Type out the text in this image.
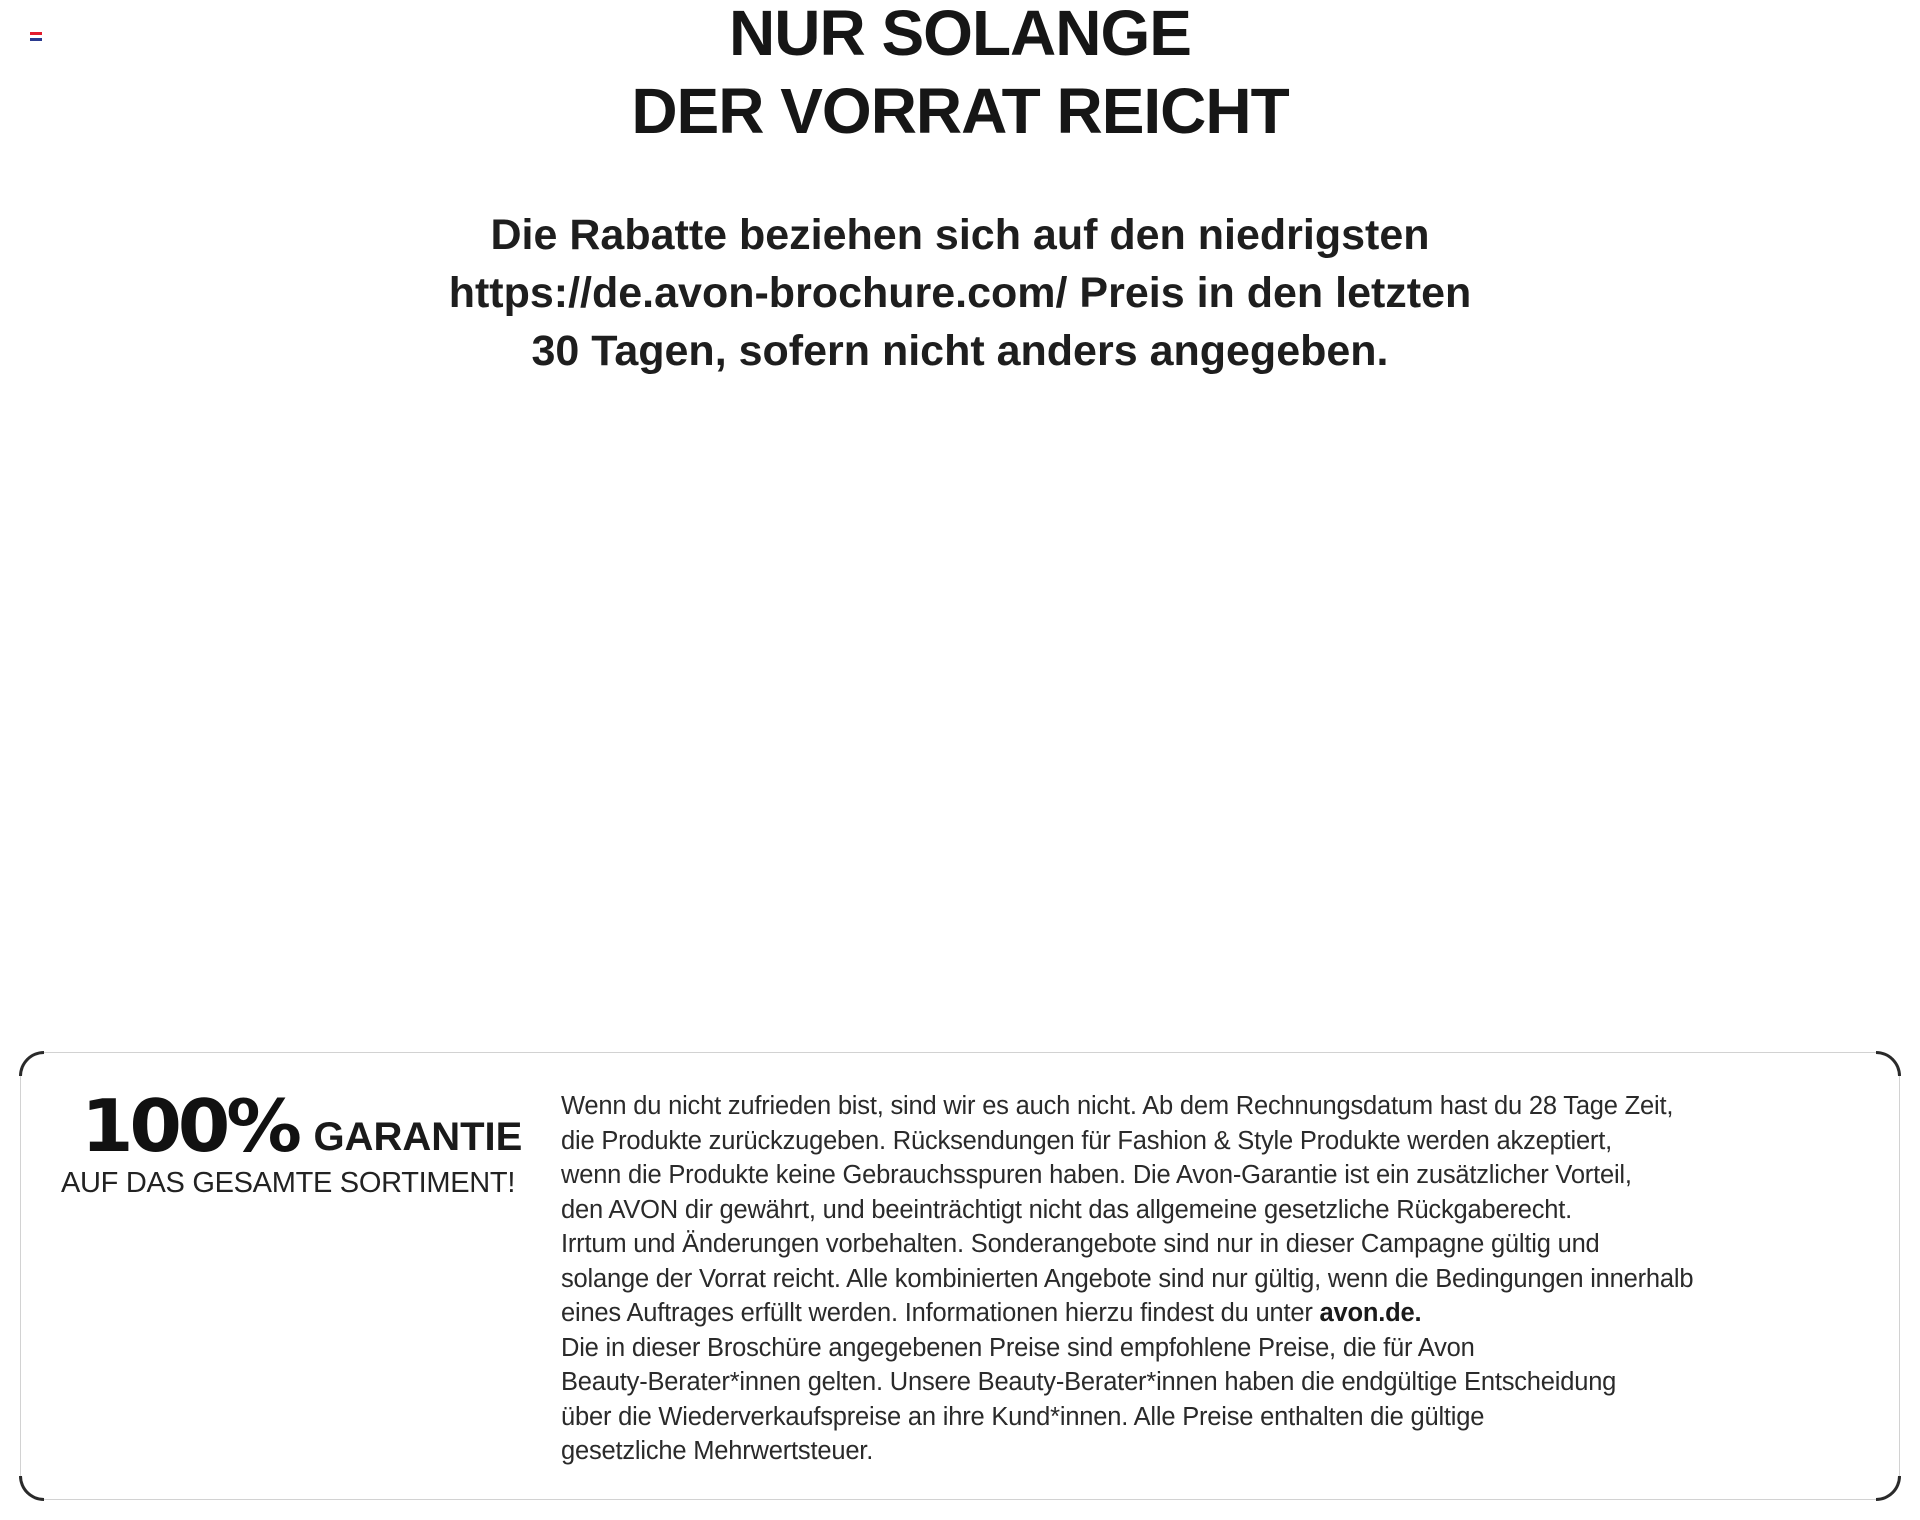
NUR SOLANGE
DER VORRAT REICHT
Die Rabatte beziehen sich auf den niedrigsten
https://de.avon-brochure.com/ Preis in den letzten
30 Tagen, sofern nicht anders angegeben.
100% GARANTIE
AUF DAS GESAMTE SORTIMENT!
Wenn du nicht zufrieden bist, sind wir es auch nicht. Ab dem Rechnungsdatum hast du 28 Tage Zeit,
die Produkte zurückzugeben. Rücksendungen für Fashion & Style Produkte werden akzeptiert,
wenn die Produkte keine Gebrauchsspuren haben. Die Avon-Garantie ist ein zusätzlicher Vorteil,
den AVON dir gewährt, und beeinträchtigt nicht das allgemeine gesetzliche Rückgaberecht.
Irrtum und Änderungen vorbehalten. Sonderangebote sind nur in dieser Campagne gültig und
solange der Vorrat reicht. Alle kombinierten Angebote sind nur gültig, wenn die Bedingungen innerhalb
eines Auftrages erfüllt werden. Informationen hierzu findest du unter avon.de.
Die in dieser Broschüre angegebenen Preise sind empfohlene Preise, die für Avon
Beauty-Berater*innen gelten. Unsere Beauty-Berater*innen haben die endgültige Entscheidung
über die Wiederverkaufspreise an ihre Kund*innen. Alle Preise enthalten die gültige
gesetzliche Mehrwertsteuer.
